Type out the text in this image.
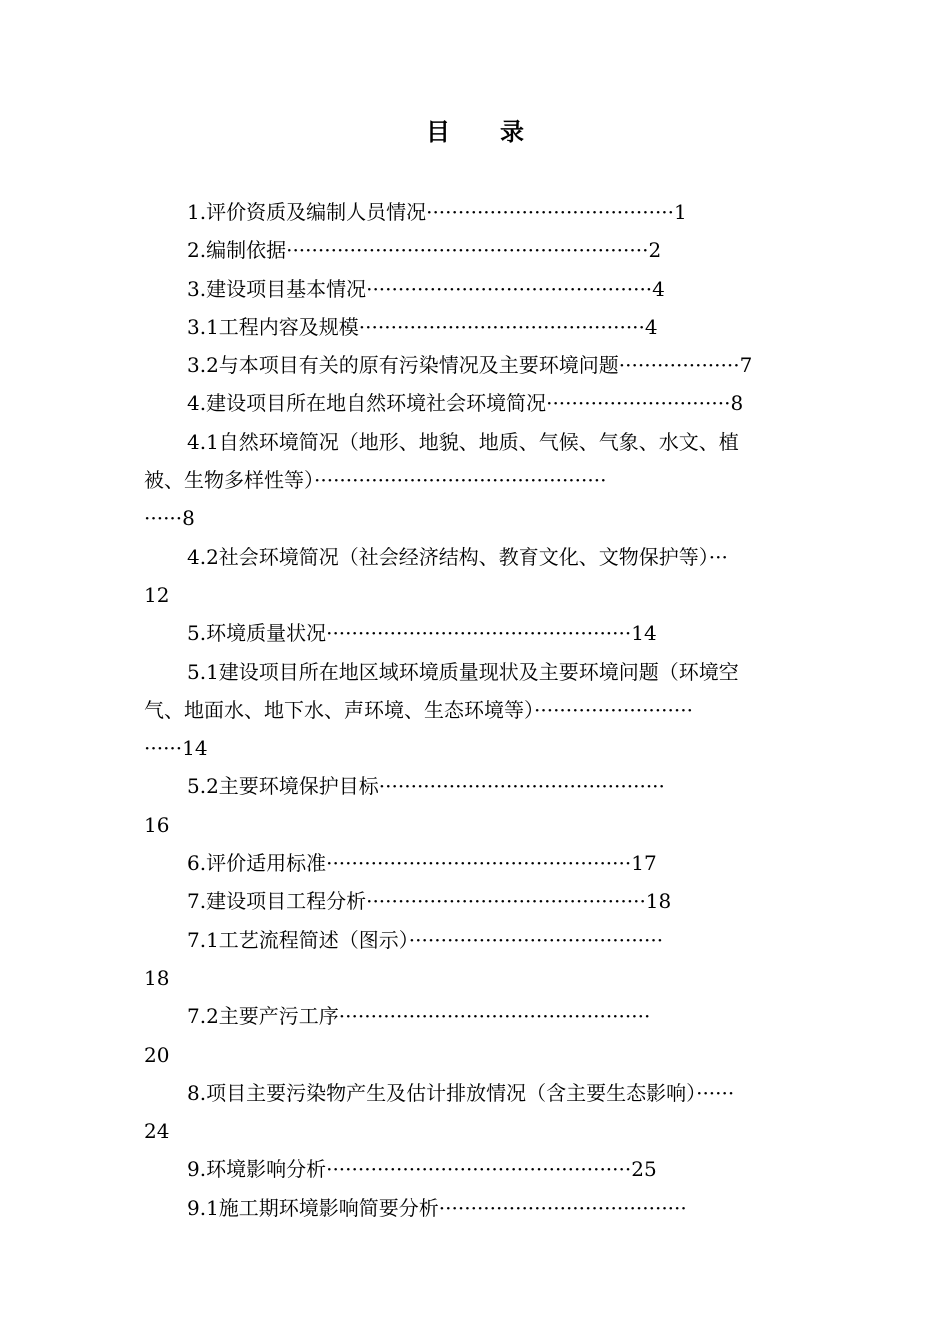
目 录
1.评价资质及编制人员情况·······································1
2.编制依据·························································2
3.建设项目基本情况·············································4
3.1工程内容及规模·············································4
3.2与本项目有关的原有污染情况及主要环境问题···················7
4.建设项目所在地自然环境社会环境简况·····························8
4.1自然环境简况（地形、地貌、地质、气候、气象、水文、植
被、生物多样性等）··············································
······8
4.2社会环境简况（社会经济结构、教育文化、文物保护等）···
12
5.环境质量状况················································14
5.1建设项目所在地区域环境质量现状及主要环境问题（环境空
气、地面水、地下水、声环境、生态环境等）·························
······14
5.2主要环境保护目标·············································
16
6.评价适用标准················································17
7.建设项目工程分析············································18
7.1工艺流程简述（图示）········································
18
7.2主要产污工序·················································
20
8.项目主要污染物产生及估计排放情况（含主要生态影响）······
24
9.环境影响分析················································25
9.1施工期环境影响简要分析·······································
